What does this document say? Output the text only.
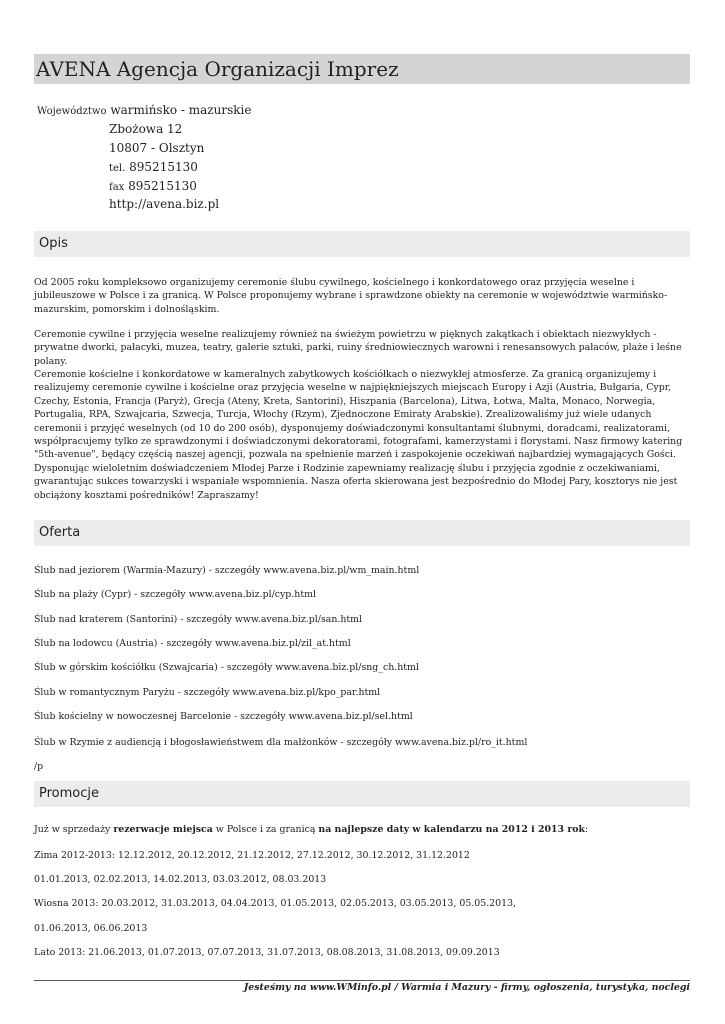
AVENA Agencja Organizacji Imprez
Województwo warmińsko - mazurskie
Zbożowa 12
10807 - Olsztyn
tel. 895215130
fax 895215130
http://avena.biz.pl
Opis

Od 2005 roku kompleksowo organizujemy ceremonie ślubu cywilnego, kościelnego i konkordatowego oraz przyjęcia weselne i jubileuszowe w Polsce i za granicą. W Polsce proponujemy wybrane i sprawdzone obiekty na ceremonie w województwie warmińsko-mazurskim, pomorskim i dolnośląskim.

Ceremonie cywilne i przyjęcia weselne realizujemy również na świeżym powietrzu w pięknych zakątkach i obiektach niezwykłych - prywatne dworki, pałacyki, muzea, teatry, galerie sztuki, parki, ruiny średniowiecznych warowni i renesansowych pałaców, plaże i leśne polany.

Ceremonie kościelne i konkordatowe w kameralnych zabytkowych kościółkach o niezwykłej atmosferze. Za granicą organizujemy i realizujemy ceremonie cywilne i kościelne oraz przyjęcia weselne w najpiękniejszych miejscach Europy i Azji (Austria, Bułgaria, Cypr, Czechy, Estonia, Francja (Paryż), Grecja (Ateny, Kreta, Santorini), Hiszpania (Barcelona), Litwa, Łotwa, Malta, Monaco, Norwegia, Portugalia, RPA, Szwajcaria, Szwecja, Turcja, Włochy (Rzym), Zjednoczone Emiraty Arabskie). Zrealizowaliśmy już wiele udanych ceremonii i przyjęć weselnych (od 10 do 200 osób), dysponujemy doświadczonymi konsultantami ślubnymi, doradcami, realizatorami, współpracujemy tylko ze sprawdzonymi i doświadczonymi dekoratorami, fotografami, kamerzystami i florystami. Nasz firmowy katering "5th-avenue", będący częścią naszej agencji, pozwala na spełnienie marzeń i zaspokojenie oczekiwań najbardziej wymagających Gości. Dysponując wieloletnim doświadczeniem Młodej Parze i Rodzinie zapewniamy realizację ślubu i przyjęcia zgodnie z oczekiwaniami, gwarantując sukces towarzyski i wspaniałe wspomnienia. Nasza oferta skierowana jest bezpośrednio do Młodej Pary, kosztorys nie jest obciążony kosztami pośredników! Zapraszamy!

Oferta
Ślub nad jeziorem (Warmia-Mazury) - szczegóły www.avena.biz.pl/wm_main.html
Ślub na plaży (Cypr) - szczegóły www.avena.biz.pl/cyp.html
Ślub nad kraterem (Santorini) - szczegóły www.avena.biz.pl/san.html
Ślub na lodowcu (Austria) - szczegóły www.avena.biz.pl/zil_at.html
Ślub w górskim kościółku (Szwajcaria) - szczegóły www.avena.biz.pl/sng_ch.html
Ślub w romantycznym Paryżu - szczegóły www.avena.biz.pl/kpo_par.html
Ślub kościelny w nowoczesnej Barcelonie - szczegóły www.avena.biz.pl/sel.html
Ślub w Rzymie z audiencją i błogosławieństwem dla małżonków - szczegóły www.avena.biz.pl/ro_it.html
/p
Promocje
Już w sprzedaży rezerwacje miejsca w Polsce i za granicą na najlepsze daty w kalendarzu na 2012 i 2013 rok:
Zima 2012-2013: 12.12.2012, 20.12.2012, 21.12.2012, 27.12.2012, 30.12.2012, 31.12.2012
01.01.2013, 02.02.2013, 14.02.2013, 03.03.2012, 08.03.2013
Wiosna 2013: 20.03.2012, 31.03.2013, 04.04.2013, 01.05.2013, 02.05.2013, 03.05.2013, 05.05.2013,
01.06.2013, 06.06.2013
Lato 2013: 21.06.2013, 01.07.2013, 07.07.2013, 31.07.2013, 08.08.2013, 31.08.2013, 09.09.2013
Jesteśmy na www.WMinfo.pl / Warmia i Mazury - firmy, ogłoszenia, turystyka, noclegi
